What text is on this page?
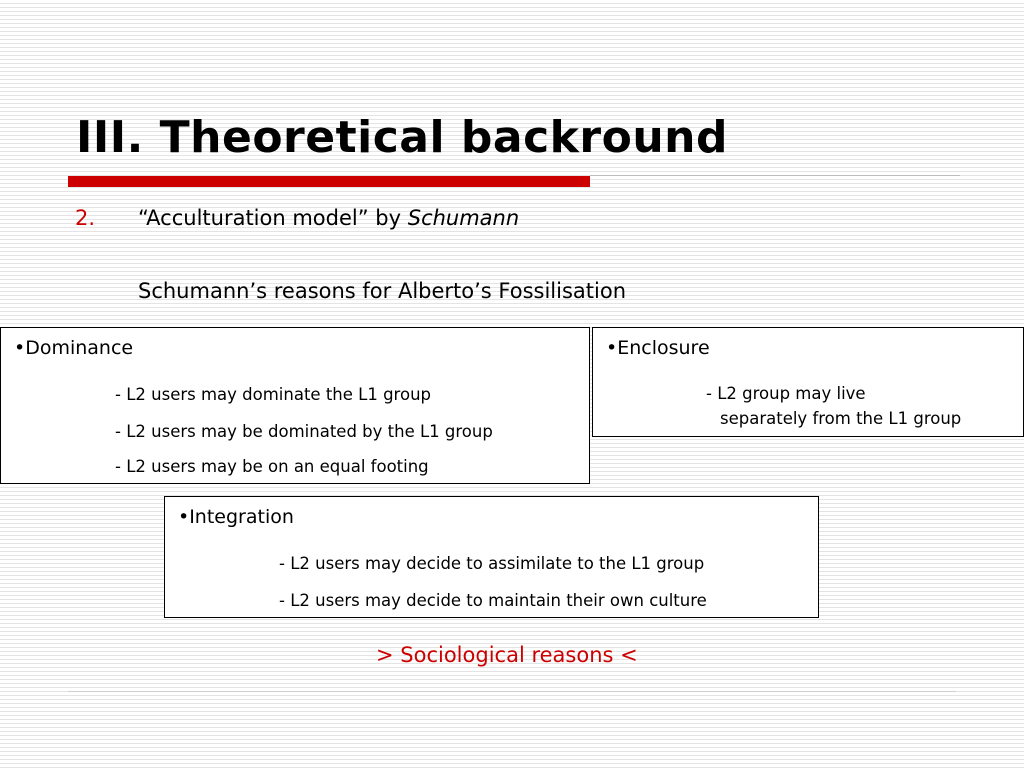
III. Theoretical backround
2. “Acculturation model” by Schumann
Schumann’s reasons for Alberto’s Fossilisation
•Dominance
- L2 users may dominate the L1 group
- L2 users may be dominated by the L1 group
- L2 users may be on an equal footing
•Enclosure
- L2 group may live
separately from the L1 group
•Integration
- L2 users may decide to assimilate to the L1 group
- L2 users may decide to maintain their own culture
> Sociological reasons <
